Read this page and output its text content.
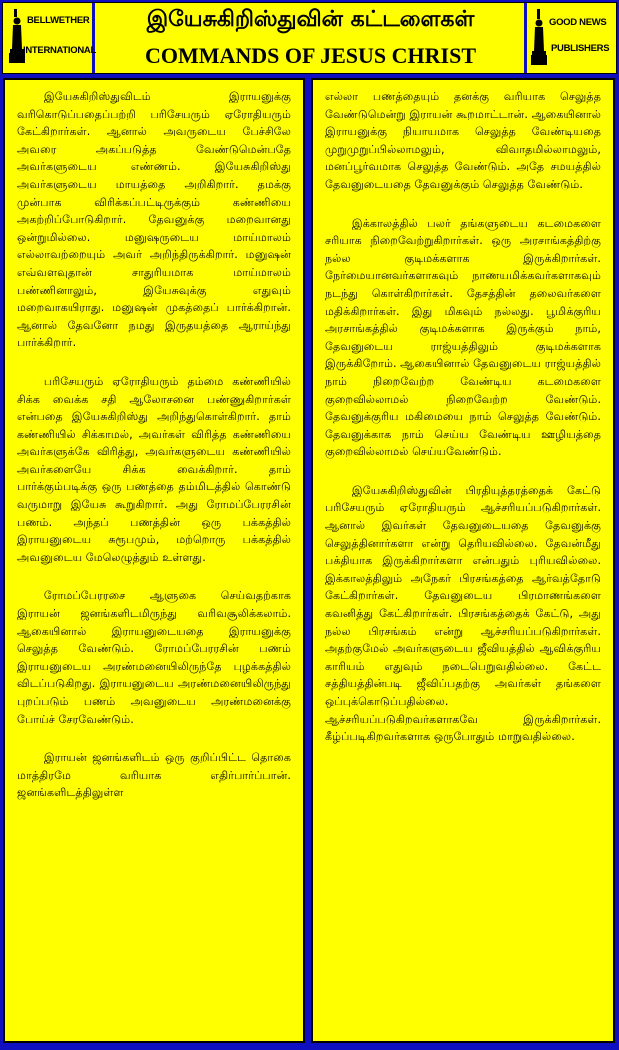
BELLWETHER
INTERNATIONAL
இயேசுகிறிஸ்துவின் கட்டளைகள்
COMMANDS OF JESUS CHRIST
GOOD NEWS
PUBLISHERS

இயேசுகிறிஸ்துவிடம் இராயனுக்கு வரிகொடுப்பதைப்பற்றி பரிசேயரும் ஏரோதியரும் கேட்கிறார்கள். ஆனால் அவருடைய பேச்சிலே அவரை அகப்படுத்த வேண்டுமென்பதே அவர்களுடைய எண்ணம். இயேசுகிறிஸ்து அவர்களுடைய மாயத்தை அறிகிறார். தமக்கு முன்பாக விரிக்கப்பட்டிருக்கும் கண்ணியை அகற்றிப்போடுகிறார். தேவனுக்கு மறைவானது ஒன்றுமில்லை. மனுஷருடைய மாய்மாலம் எல்லாவற்றையும் அவர் அறிந்திருக்கிறார். மனுஷன் எவ்வளவுதான் சாதுரியமாக மாய்மாலம் பண்ணினாலும், இயேசுவுக்கு எதுவும் மறைவாகயிராது. மனுஷன் முகத்தைப் பார்க்கிறான். ஆனால் தேவனோ நமது இருதயத்தை ஆராய்ந்து பார்க்கிறார்.

பரிசேயரும் ஏரோதியரும் தம்மை கண்ணியில் சிக்க வைக்க சதி ஆலோசனை பண்ணுகிறார்கள் என்பதை இயேசுகிறிஸ்து அறிந்துகொள்கிறார். தாம் கண்ணியில் சிக்காமல், அவர்கள் விரித்த கண்ணியை அவர்களுக்கே விரித்து, அவர்களுடைய கண்ணியில் அவர்களையே சிக்க வைக்கிறார். தாம் பார்க்கும்படிக்கு ஒரு பணத்தை தம்மிடத்தில் கொண்டு வருமாறு இயேசு கூறுகிறார். அது ரோமப்பேரரசின் பணம். அந்தப் பணத்தின் ஒரு பக்கத்தில் இராயனுடைய சுரூபமும், மற்றொரு பக்கத்தில் அவனுடைய மேலெழுத்தும் உள்ளது.

ரோமப்பேரரசை ஆளுகை செய்வதற்காக இராயன் ஜனங்களிடமிருந்து வரிவசூலிக்கலாம். ஆகையினால் இராயனுடையதை இராயனுக்கு செலுத்த வேண்டும். ரோமப்பேரரசின் பணம் இராயனுடைய அரண்மனையிலிருந்தே புழக்கத்தில் விடப்படுகிறது. இராயனுடைய அரண்மனையிலிருந்து புறப்படும் பணம் அவனுடைய அரண்மனைக்கு போய்ச் சேரவேண்டும்.

இராயன் ஜனங்களிடம் ஒரு குறிப்பிட்ட தொகை மாத்திரமே வரியாக எதிர்பார்ப்பான். ஜனங்களிடத்திலுள்ள

எல்லா பணத்தையும் தனக்கு வரியாக செலுத்த வேண்டுமென்று இராயன் கூறமாட்டான். ஆகையினால் இராயனுக்கு நியாயமாக செலுத்த வேண்டியதை முறுமுறுப்பில்லாமலும், விவாதமில்லாமலும், மனப்பூர்வமாக செலுத்த வேண்டும். அதே சமயத்தில் தேவனுடையதை தேவனுக்கும் செலுத்த வேண்டும்.

இக்காலத்தில் பலர் தங்களுடைய கடமைகளை சரியாக நிறைவேற்றுகிறார்கள். ஒரு அரசாங்கத்திற்கு நல்ல குடிமக்களாக இருக்கிறார்கள். நேர்மையானவர்களாகவும் நாணயமிக்கவர்களாகவும் நடந்து கொள்கிறார்கள். தேசத்தின் தலைவர்களை மதிக்கிறார்கள். இது மிகவும் நல்லது. பூமிக்குரிய அரசாங்கத்தில் குடிமக்களாக இருக்கும் நாம், தேவனுடைய ராஜ்யத்திலும் குடிமக்களாக இருக்கிறோம். ஆகையினால் தேவனுடைய ராஜ்யத்தில் நாம் நிறைவேற்ற வேண்டிய கடமைகளை குறைவில்லாமல் நிறைவேற்ற வேண்டும். தேவனுக்குரிய மகிமையை நாம் செலுத்த வேண்டும். தேவனுக்காக நாம் செய்ய வேண்டிய ஊழியத்தை குறைவில்லாமல் செய்யவேண்டும்.

இயேசுகிறிஸ்துவின் பிரதியுத்தரத்தைக் கேட்டு பரிசேயரும் ஏரோதியரும் ஆச்சரியப்படுகிறார்கள். ஆனால் இவர்கள் தேவனுடையதை தேவனுக்கு செலுத்தினார்களா என்று தெரியவில்லை. தேவன்மீது பக்தியாக இருக்கிறார்களா என்பதும் புரியவில்லை. இக்காலத்திலும் அநேகர் பிரசங்கத்தை ஆர்வத்தோடு கேட்கிறார்கள். தேவனுடைய பிரமாணங்களை கவனித்து கேட்கிறார்கள். பிரசங்கத்தைக் கேட்டு, அது நல்ல பிரசங்கம் என்று ஆச்சரியப்படுகிறார்கள். அதற்குமேல் அவர்களுடைய ஜீவியத்தில் ஆவிக்குரிய காரியம் எதுவும் நடைபெறுவதில்லை. கேட்ட சத்தியத்தின்படி ஜீவிப்பதற்கு அவர்கள் தங்களை ஒப்புக்கொடுப்பதில்லை. ஆச்சரியப்படுகிறவர்களாகவே இருக்கிறார்கள். கீழ்ப்படிகிறவர்களாக ஒருபோதும் மாறுவதில்லை.
